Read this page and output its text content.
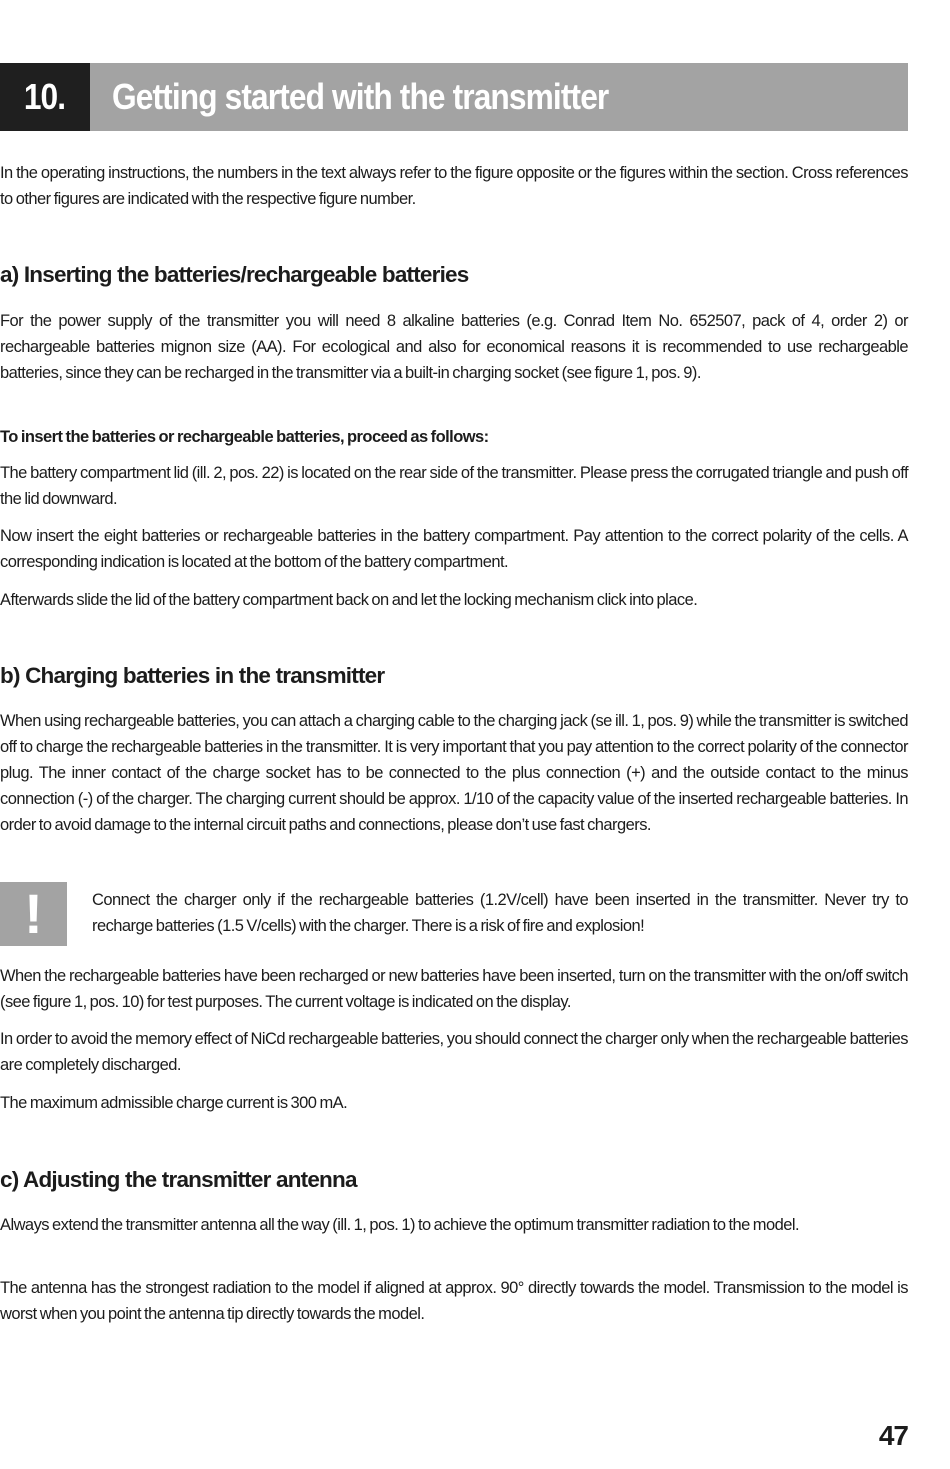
10. Getting started with the transmitter

In the operating instructions, the numbers in the text always refer to the figure opposite or the figures within the section. Cross references to other figures are indicated with the respective figure number.

a) Inserting the batteries/rechargeable batteries

For the power supply of the transmitter you will need 8 alkaline batteries (e.g. Conrad Item No. 652507, pack of 4, order 2) or rechargeable batteries mignon size (AA). For ecological and also for economical reasons it is recommended to use rechargeable batteries, since they can be recharged in the transmitter via a built-in charging socket (see figure 1, pos. 9).

To insert the batteries or rechargeable batteries, proceed as follows:

The battery compartment lid (ill. 2, pos. 22) is located on the rear side of the transmitter. Please press the corrugated triangle and push off the lid downward.

Now insert the eight batteries or rechargeable batteries in the battery compartment. Pay attention to the correct polarity of the cells. A corresponding indication is located at the bottom of the battery compartment.

Afterwards slide the lid of the battery compartment back on and let the locking mechanism click into place.

b) Charging batteries in the transmitter

When using rechargeable batteries, you can attach a charging cable to the charging jack (se ill. 1, pos. 9) while the transmitter is switched off to charge the rechargeable batteries in the transmitter. It is very important that you pay attention to the correct polarity of the connector plug. The inner contact of the charge socket has to be connected to the plus connection (+) and the outside contact to the minus connection (-) of the charger. The charging current should be approx. 1/10 of the capacity value of the inserted rechargeable batteries. In order to avoid damage to the internal circuit paths and connections, please don’t use fast chargers.

!	Connect the charger only if the rechargeable batteries (1.2V/cell) have been inserted in the transmitter. Never try to recharge batteries (1.5 V/cells) with the charger. There is a risk of fire and explosion!

When the rechargeable batteries have been recharged or new batteries have been inserted, turn on the transmitter with the on/off switch (see figure 1, pos. 10) for test purposes. The current voltage is indicated on the display.

In order to avoid the memory effect of NiCd rechargeable batteries, you should connect the charger only when the rechargeable batteries are completely discharged.

The maximum admissible charge current is 300 mA.

c) Adjusting the transmitter antenna

Always extend the transmitter antenna all the way (ill. 1, pos. 1) to achieve the optimum transmitter radiation to the model.

The antenna has the strongest radiation to the model if aligned at approx. 90° directly towards the model. Transmission to the model is worst when you point the antenna tip directly towards the model.

47
